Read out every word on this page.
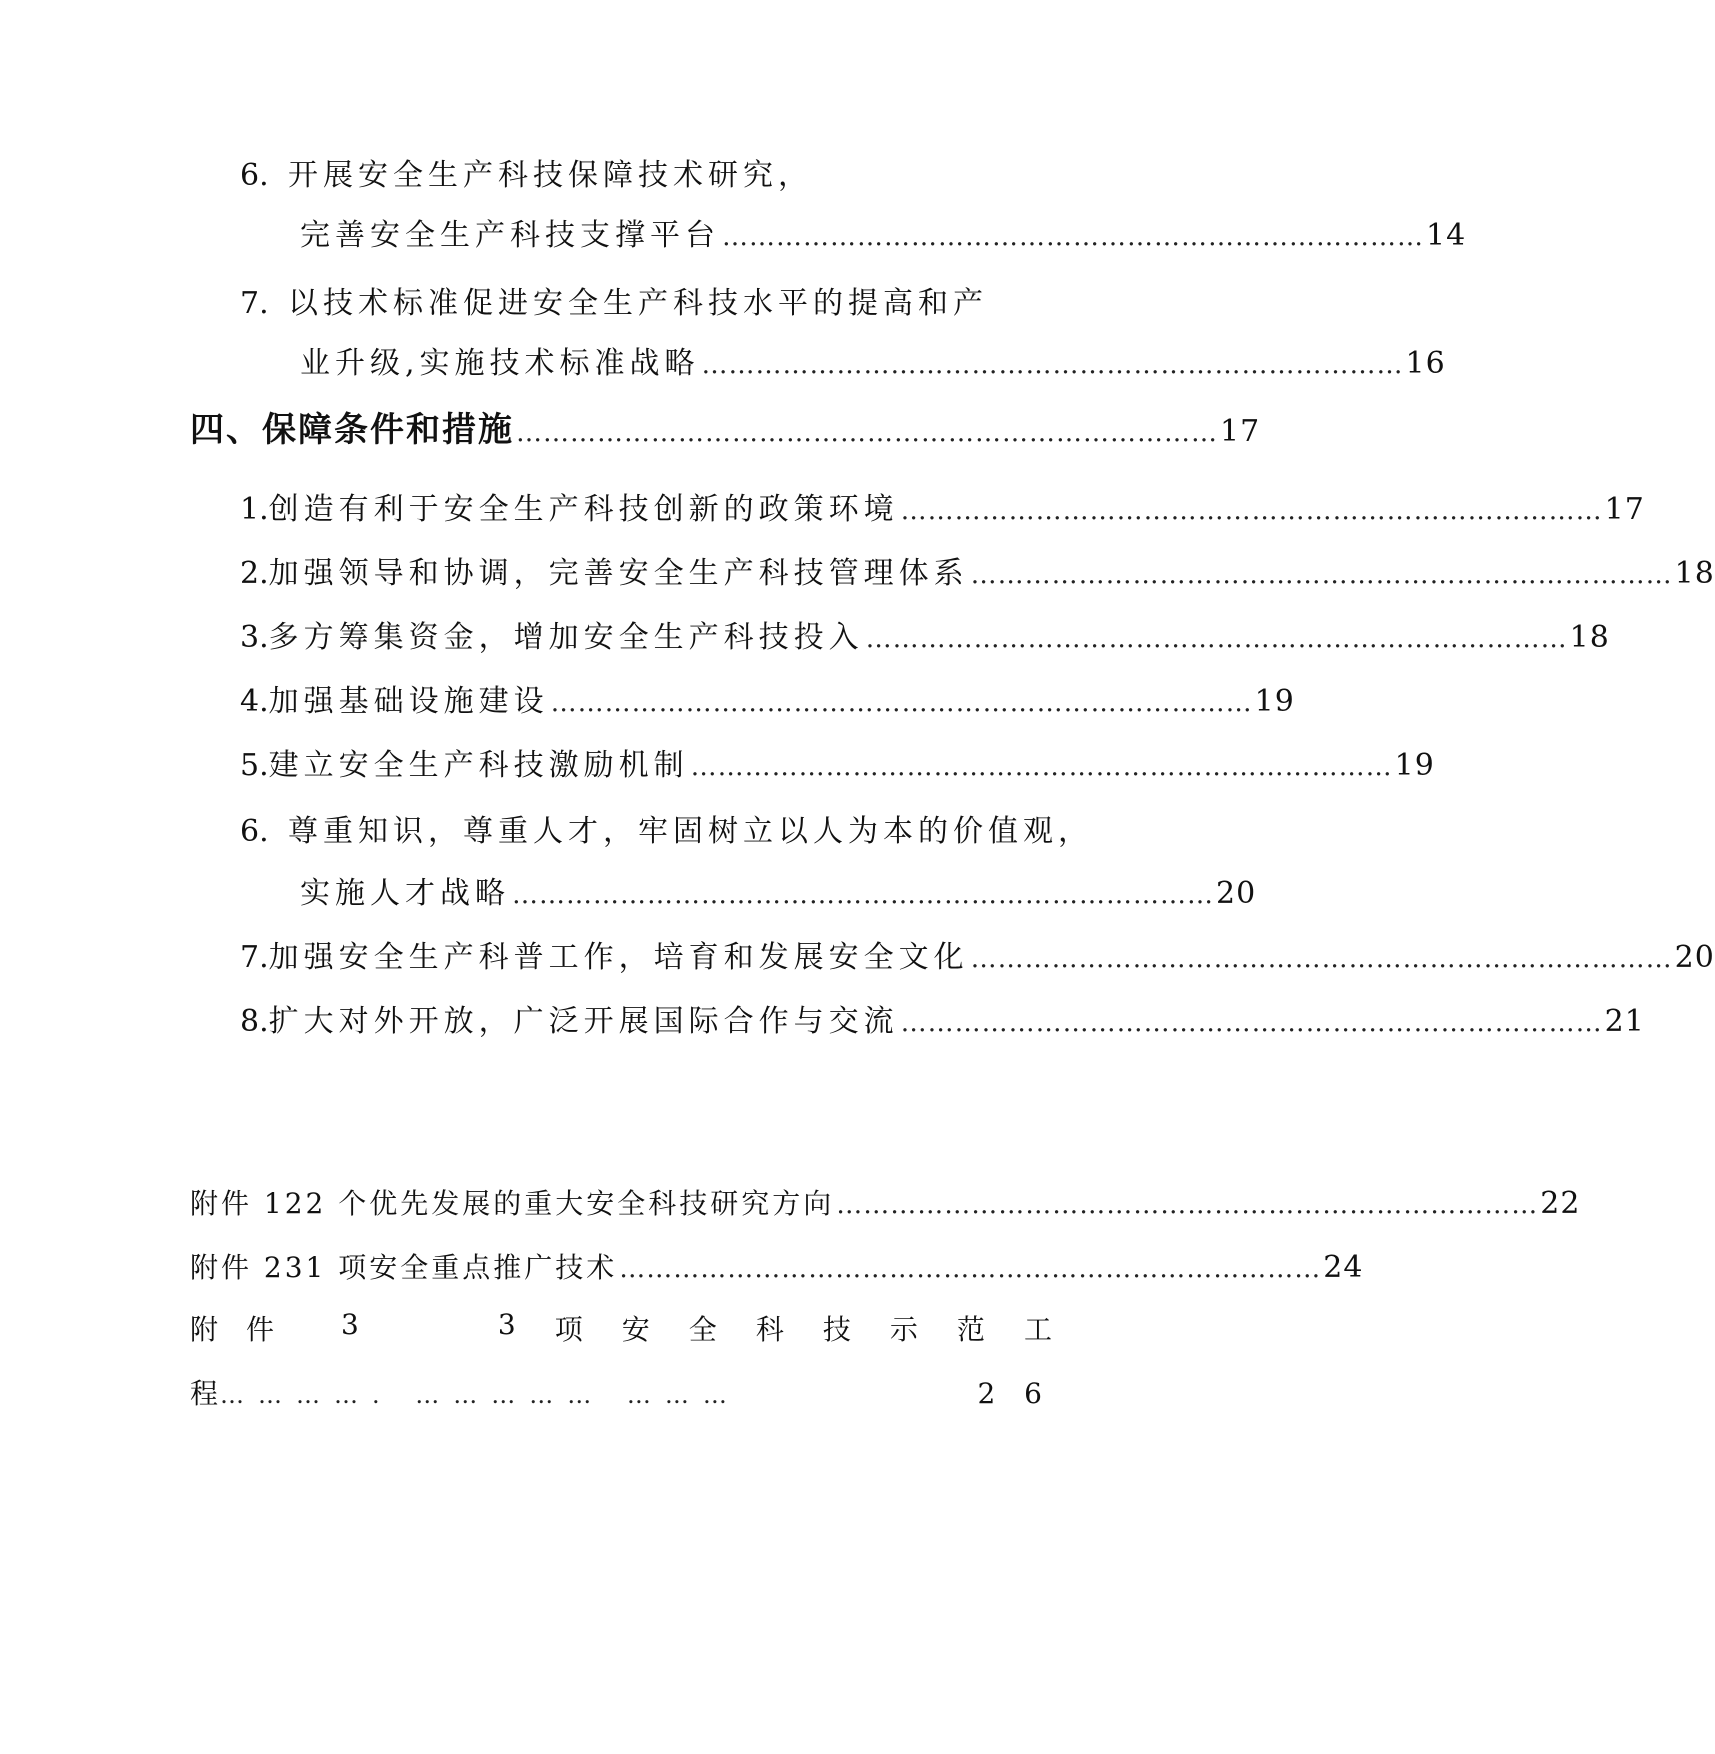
6. 开展安全生产科技保障技术研究，
完善安全生产科技支撑平台 …………………………………………………………………… 14
7. 以技术标准促进安全生产科技水平的提高和产
业升级,实施技术标准战略 …………………………………………………………………… 16
四、保障条件和措施 …………………………………………………………………… 17
1. 创造有利于安全生产科技创新的政策环境 …………………………………………………………………… 17
2. 加强领导和协调，完善安全生产科技管理体系 …………………………………………………………………… 18
3. 多方筹集资金，增加安全生产科技投入 …………………………………………………………………… 18
4. 加强基础设施建设 …………………………………………………………………… 19
5. 建立安全生产科技激励机制 …………………………………………………………………… 19
6. 尊重知识，尊重人才，牢固树立以人为本的价值观，
实施人才战略 …………………………………………………………………… 20
7. 加强安全生产科普工作，培育和发展安全文化 …………………………………………………………………… 20
8. 扩大对外开放，广泛开展国际合作与交流 …………………………………………………………………… 21
附件 1 22 个优先发展的重大安全科技研究方向 …………………………………………………………………… 22
附件 2 31 项安全重点推广技术 …………………………………………………………………… 24
附件 3	3 项 安 全 科 技 示 范 工
程 …………. …………… ………	2 6
